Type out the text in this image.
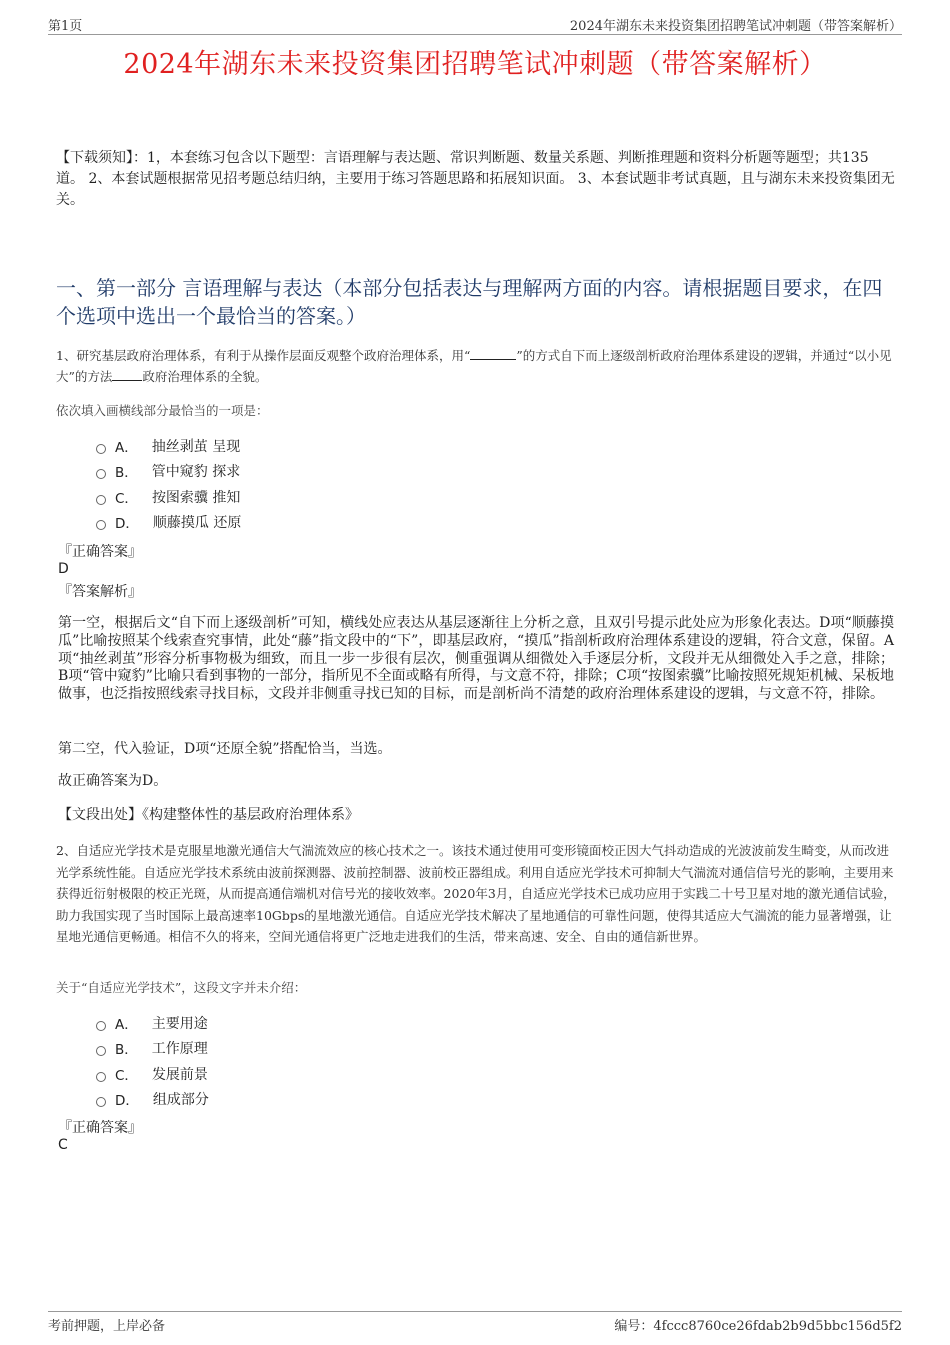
第1页	2024年湖东未来投资集团招聘笔试冲刺题（带答案解析）
2024年湖东未来投资集团招聘笔试冲刺题（带答案解析）
【下载须知】：1，本套练习包含以下题型：言语理解与表达题、常识判断题、数量关系题、判断推理题和资料分析题等题型；共135道。 2、本套试题根据常见招考题总结归纳，主要用于练习答题思路和拓展知识面。 3、本套试题非考试真题，且与湖东未来投资集团无关。
一、第一部分 言语理解与表达（本部分包括表达与理解两方面的内容。请根据题目要求，在四个选项中选出一个最恰当的答案。）
1、研究基层政府治理体系，有利于从操作层面反观整个政府治理体系，用“	”的方式自下而上逐级剖析政府治理体系建设的逻辑，并通过“以小见大”的方法 政府治理体系的全貌。
依次填入画横线部分最恰当的一项是：
A． 抽丝剥茧 呈现
B． 管中窥豹 探求
C． 按图索骥 推知
D． 顺藤摸瓜 还原
『正确答案』
D
『答案解析』
第一空，根据后文“自下而上逐级剖析”可知，横线处应表达从基层逐渐往上分析之意，且双引号提示此处应为形象化表达。D项“顺藤摸瓜”比喻按照某个线索查究事情，此处“藤”指文段中的“下”，即基层政府，“摸瓜”指剖析政府治理体系建设的逻辑，符合文意，保留。A项“抽丝剥茧”形容分析事物极为细致，而且一步一步很有层次，侧重强调从细微处入手逐层分析，文段并无从细微处入手之意，排除；B项“管中窥豹”比喻只看到事物的一部分，指所见不全面或略有所得，与文意不符，排除；C项“按图索骥”比喻按照死规矩机械、呆板地做事，也泛指按照线索寻找目标，文段并非侧重寻找已知的目标，而是剖析尚不清楚的政府治理体系建设的逻辑，与文意不符，排除。
第二空，代入验证，D项“还原全貌”搭配恰当，当选。
故正确答案为D。
【文段出处】《构建整体性的基层政府治理体系》
2、自适应光学技术是克服星地激光通信大气湍流效应的核心技术之一。该技术通过使用可变形镜面校正因大气抖动造成的光波波前发生畸变，从而改进光学系统性能。自适应光学技术系统由波前探测器、波前控制器、波前校正器组成。利用自适应光学技术可抑制大气湍流对通信信号光的影响，主要用来获得近衍射极限的校正光斑，从而提高通信端机对信号光的接收效率。2020年3月，自适应光学技术已成功应用于实践二十号卫星对地的激光通信试验，助力我国实现了当时国际上最高速率10Gbps的星地激光通信。自适应光学技术解决了星地通信的可靠性问题，使得其适应大气湍流的能力显著增强，让星地光通信更畅通。相信不久的将来，空间光通信将更广泛地走进我们的生活，带来高速、安全、自由的通信新世界。
关于“自适应光学技术”，这段文字并未介绍：
A． 主要用途
B． 工作原理
C． 发展前景
D． 组成部分
『正确答案』
C
考前押题，上岸必备	编号：4fccc8760ce26fdab2b9d5bbc156d5f2
